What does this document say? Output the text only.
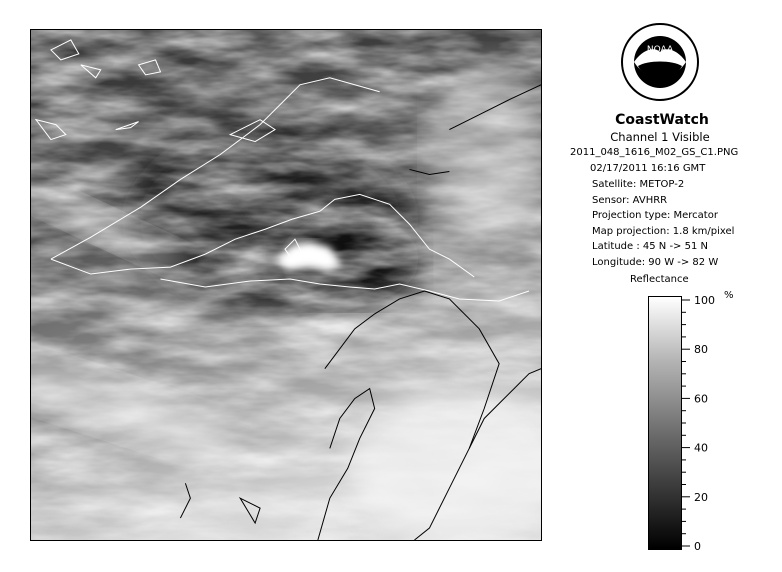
NOAA
CoastWatch
Channel 1 Visible
2011_048_1616_M02_GS_C1.PNG
02/17/2011 16:16 GMT
Satellite: METOP-2
Sensor: AVHRR
Projection type: Mercator
Map projection: 1.8 km/pixel
Latitude : 45 N -> 51 N
Longitude: 90 W -> 82 W
Reflectance
%
100
80
60
40
20
0
